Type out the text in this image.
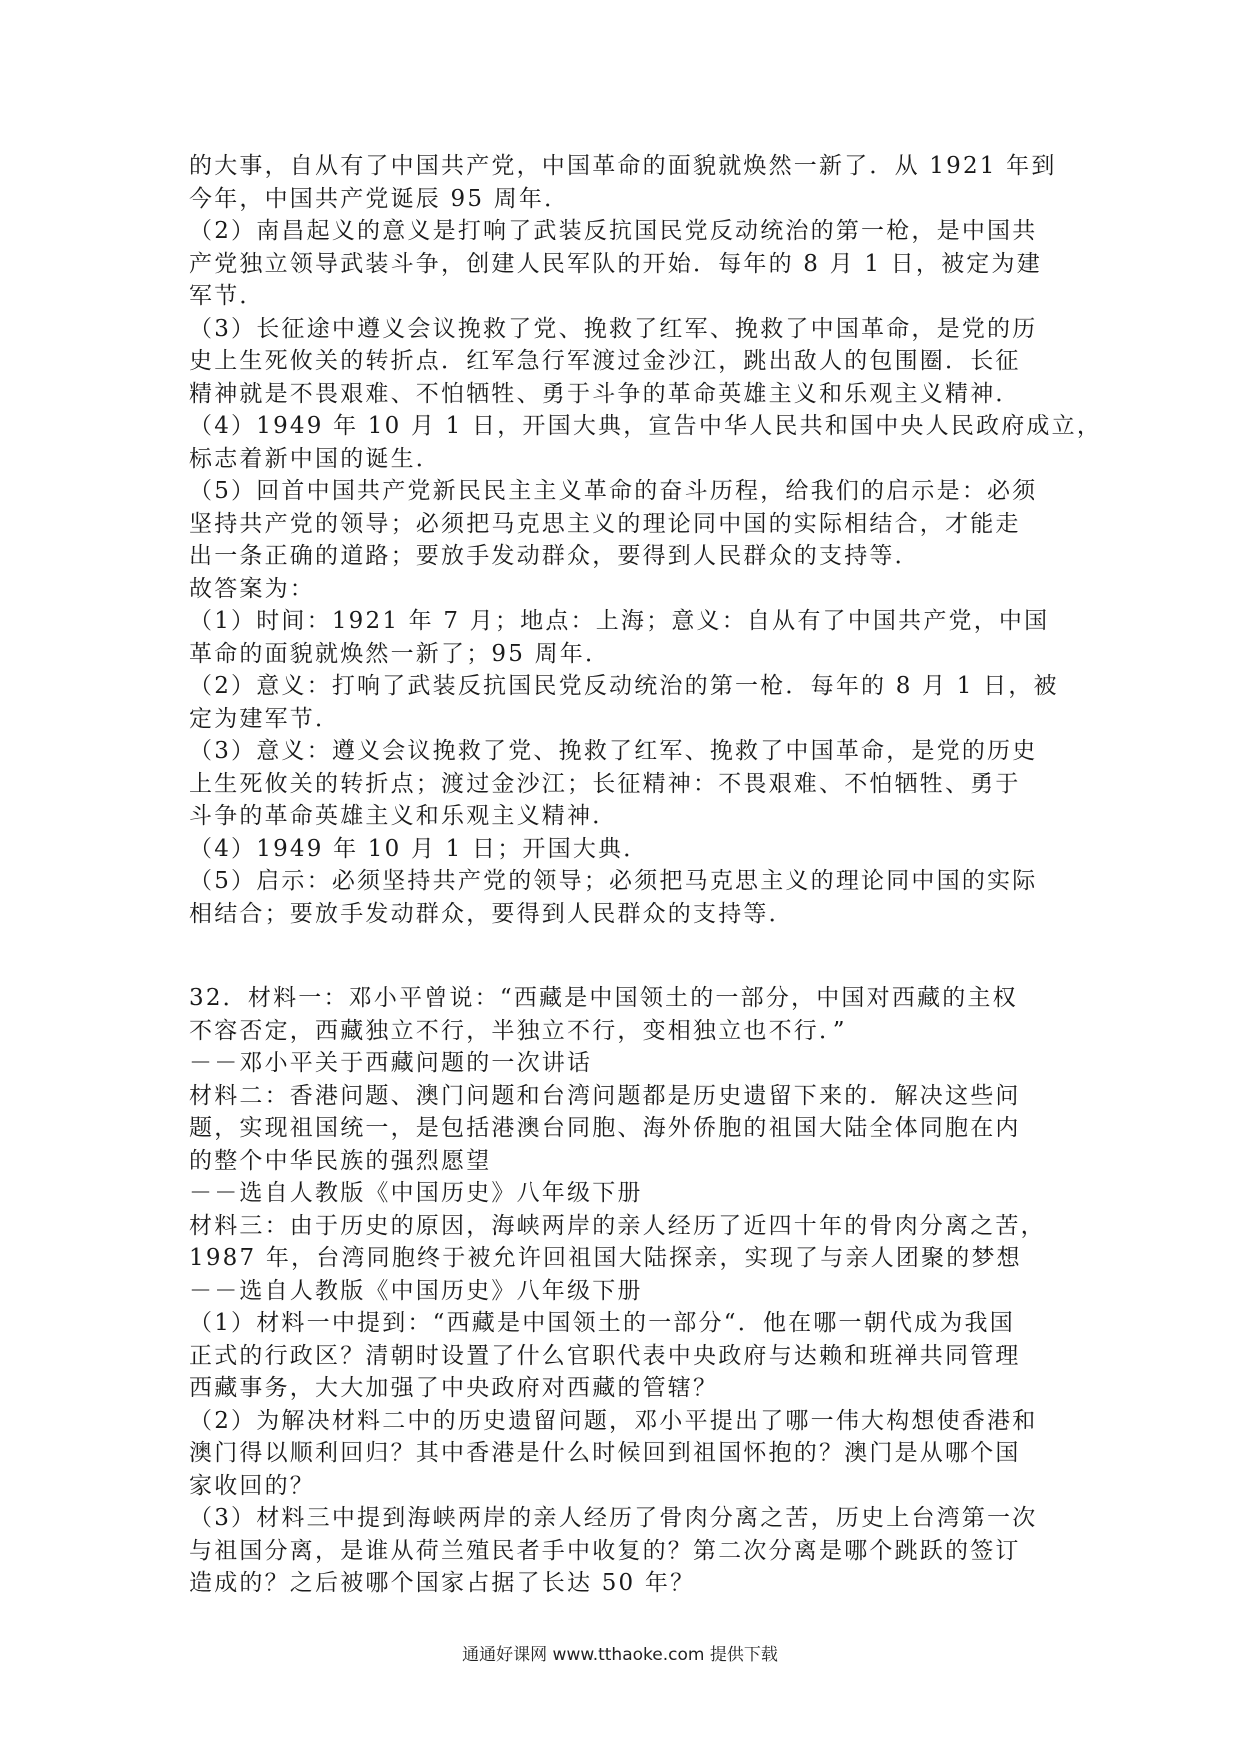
的大事，自从有了中国共产党，中国革命的面貌就焕然一新了．从 1921 年到
今年，中国共产党诞辰 95 周年．
（2）南昌起义的意义是打响了武装反抗国民党反动统治的第一枪，是中国共
产党独立领导武装斗争，创建人民军队的开始．每年的 8 月 1 日，被定为建
军节．
（3）长征途中遵义会议挽救了党、挽救了红军、挽救了中国革命，是党的历
史上生死攸关的转折点．红军急行军渡过金沙江，跳出敌人的包围圈．长征
精神就是不畏艰难、不怕牺牲、勇于斗争的革命英雄主义和乐观主义精神．
（4）1949 年 10 月 1 日，开国大典，宣告中华人民共和国中央人民政府成立，
标志着新中国的诞生．
（5）回首中国共产党新民民主主义革命的奋斗历程，给我们的启示是：必须
坚持共产党的领导；必须把马克思主义的理论同中国的实际相结合，才能走
出一条正确的道路；要放手发动群众，要得到人民群众的支持等．
故答案为：
（1）时间：1921 年 7 月；地点：上海；意义：自从有了中国共产党，中国
革命的面貌就焕然一新了；95 周年．
（2）意义：打响了武装反抗国民党反动统治的第一枪．每年的 8 月 1 日，被
定为建军节．
（3）意义：遵义会议挽救了党、挽救了红军、挽救了中国革命，是党的历史
上生死攸关的转折点；渡过金沙江；长征精神：不畏艰难、不怕牺牲、勇于
斗争的革命英雄主义和乐观主义精神．
（4）1949 年 10 月 1 日；开国大典．
（5）启示：必须坚持共产党的领导；必须把马克思主义的理论同中国的实际
相结合；要放手发动群众，要得到人民群众的支持等．
32．材料一：邓小平曾说：“西藏是中国领土的一部分，中国对西藏的主权
不容否定，西藏独立不行，半独立不行，变相独立也不行．”
－－邓小平关于西藏问题的一次讲话
材料二：香港问题、澳门问题和台湾问题都是历史遗留下来的．解决这些问
题，实现祖国统一，是包括港澳台同胞、海外侨胞的祖国大陆全体同胞在内
的整个中华民族的强烈愿望
－－选自人教版《中国历史》八年级下册
材料三：由于历史的原因，海峡两岸的亲人经历了近四十年的骨肉分离之苦，
1987 年，台湾同胞终于被允许回祖国大陆探亲，实现了与亲人团聚的梦想
－－选自人教版《中国历史》八年级下册
（1）材料一中提到：“西藏是中国领土的一部分“．他在哪一朝代成为我国
正式的行政区？清朝时设置了什么官职代表中央政府与达赖和班禅共同管理
西藏事务，大大加强了中央政府对西藏的管辖？
（2）为解决材料二中的历史遗留问题，邓小平提出了哪一伟大构想使香港和
澳门得以顺利回归？其中香港是什么时候回到祖国怀抱的？澳门是从哪个国
家收回的？
（3）材料三中提到海峡两岸的亲人经历了骨肉分离之苦，历史上台湾第一次
与祖国分离，是谁从荷兰殖民者手中收复的？第二次分离是哪个跳跃的签订
造成的？之后被哪个国家占据了长达 50 年？
通通好课网 www.tthaoke.com 提供下载
